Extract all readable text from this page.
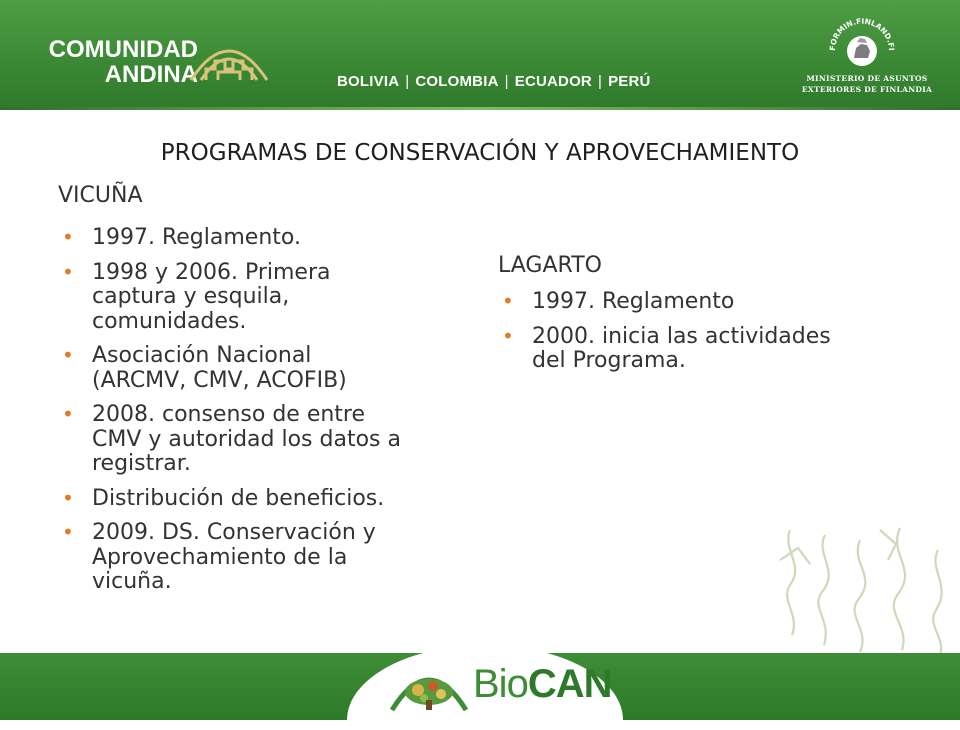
COMUNIDAD
ANDINA	BOLIVIA | COLOMBIA | ECUADOR | PERÚ
FORMIN.FINLAND.FI
MINISTERIO DE ASUNTOS
EXTERIORES DE FINLANDIA
PROGRAMAS DE CONSERVACIÓN Y APROVECHAMIENTO
VICUÑA
• 1997. Reglamento.
• 1998 y 2006. Primera
captura y esquila,
comunidades.
• Asociación Nacional
(ARCMV, CMV, ACOFIB)
• 2008. consenso de entre
CMV y autoridad los datos a
registrar.
• Distribución de beneficios.
• 2009. DS. Conservación y
Aprovechamiento de la
vicuña.
LAGARTO
• 1997. Reglamento
• 2000. inicia las actividades
del Programa.
BioCAN
